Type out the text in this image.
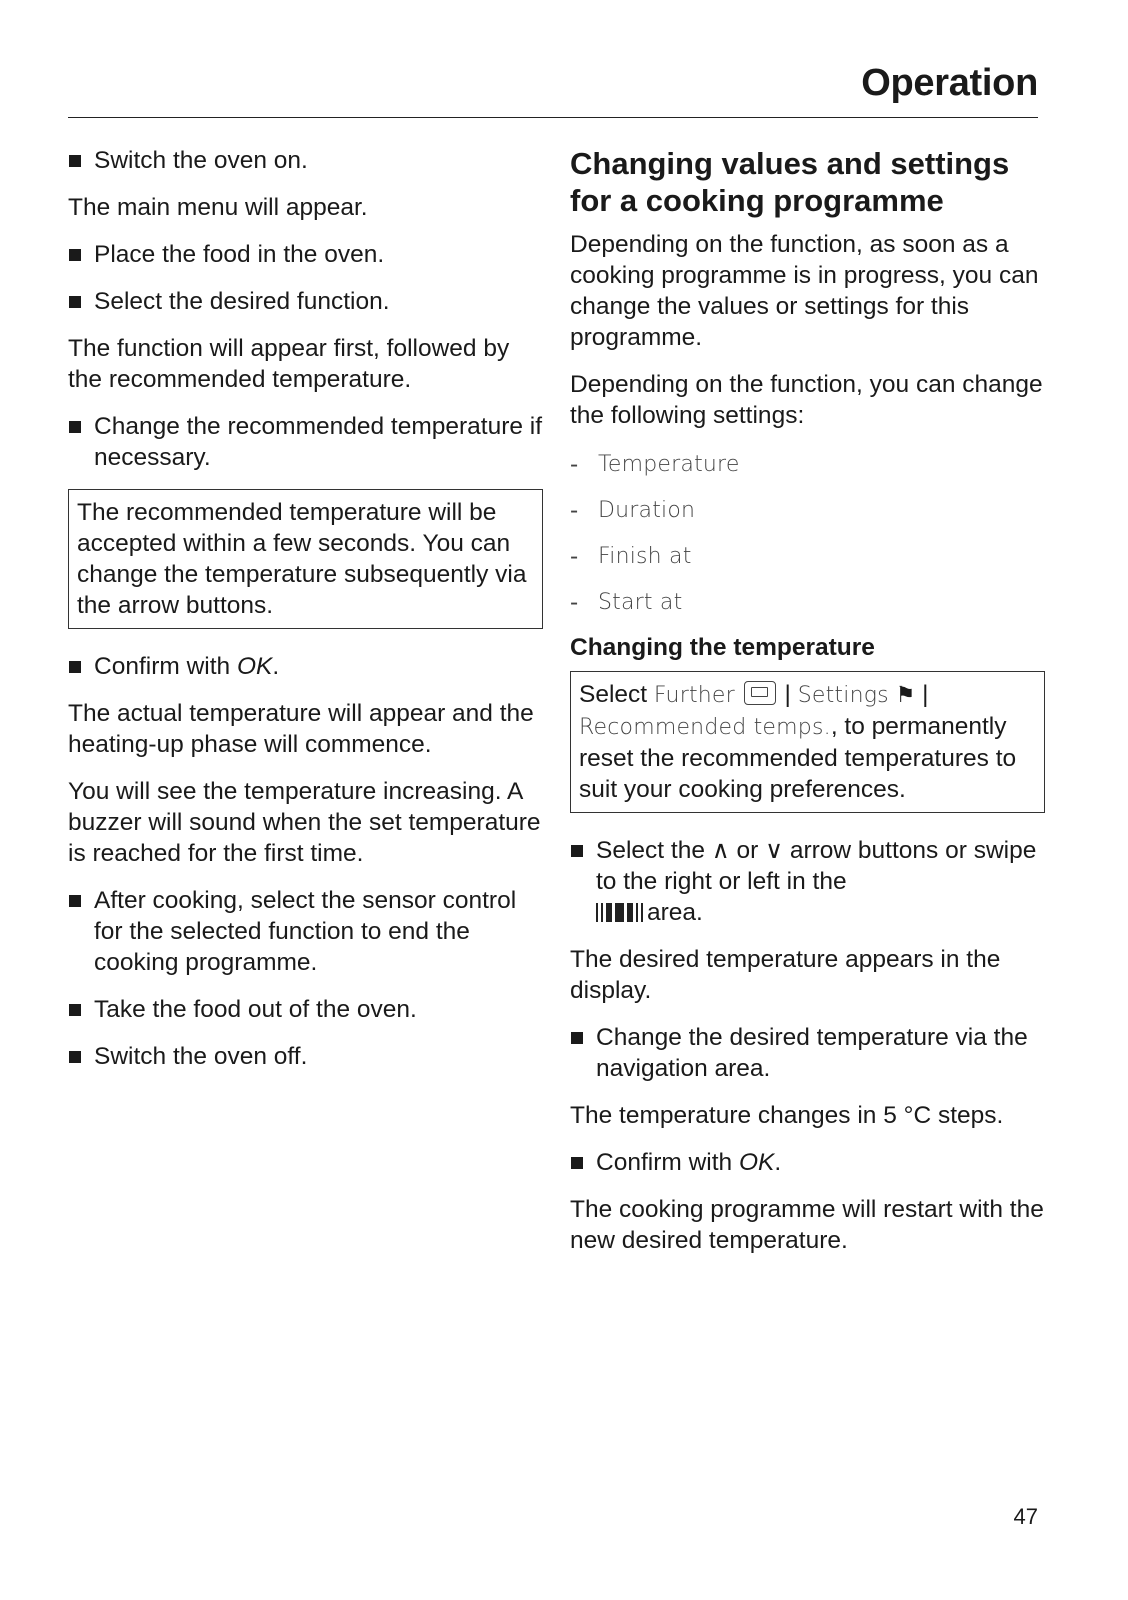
Operation
Switch the oven on.

The main menu will appear.

Place the food in the oven.
Select the desired function.

The function will appear first, followed by the recommended temperature.

Change the recommended temperature if necessary.

The recommended temperature will be accepted within a few seconds. You can change the temperature subsequently via the arrow buttons.

Confirm with OK.

The actual temperature will appear and the heating-up phase will commence.

You will see the temperature increasing. A buzzer will sound when the set temperature is reached for the first time.

After cooking, select the sensor control for the selected function to end the cooking programme.
Take the food out of the oven.
Switch the oven off.
Changing values and settings for a cooking programme

Depending on the function, as soon as a cooking programme is in progress, you can change the values or settings for this programme.

Depending on the function, you can change the following settings:

- Temperature
- Duration
- Finish at
- Start at
Changing the temperature

Select Further  | Settings ⚑ | Recommended temps., to permanently reset the recommended temperatures to suit your cooking preferences.

Select the ∧ or ∨ arrow buttons or swipe to the right or left in the

area.

The desired temperature appears in the display.

Change the desired temperature via the navigation area.

The temperature changes in 5 °C steps.

Confirm with OK.

The cooking programme will restart with the new desired temperature.

47
